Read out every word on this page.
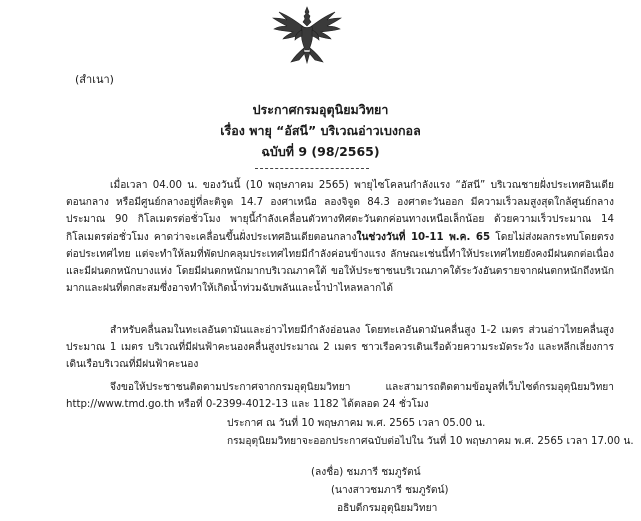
(สำเนา)
ประกาศกรมอุตุนิยมวิทยา
เรื่อง พายุ “อัสนี” บริเวณอ่าวเบงกอล
ฉบับที่ 9 (98/2565)

เมื่อเวลา 04.00 น. ของวันนี้ (10 พฤษภาคม 2565) พายุไซโคลนกำลังแรง “อัสนี” บริเวณชายฝั่งประเทศอินเดียตอนกลาง หรือมีศูนย์กลางอยู่ที่ละติจูด 14.7 องศาเหนือ ลองจิจูด 84.3 องศาตะวันออก มีความเร็วลมสูงสุดใกล้ศูนย์กลางประมาณ 90 กิโลเมตรต่อชั่วโมง พายุนี้กำลังเคลื่อนตัวทางทิศตะวันตกค่อนทางเหนือเล็กน้อย ด้วยความเร็วประมาณ 14 กิโลเมตรต่อชั่วโมง คาดว่าจะเคลื่อนขึ้นฝั่งประเทศอินเดียตอนกลางในช่วงวันที่ 10-11 พ.ค. 65 โดยไม่ส่งผลกระทบโดยตรงต่อประเทศไทย แต่จะทำให้ลมที่พัดปกคลุมประเทศไทยมีกำลังค่อนข้างแรง ลักษณะเช่นนี้ทำให้ประเทศไทยยังคงมีฝนตกต่อเนื่องและมีฝนตกหนักบางแห่ง โดยมีฝนตกหนักมากบริเวณภาคใต้ ขอให้ประชาชนบริเวณภาคใต้ระวังอันตรายจากฝนตกหนักถึงหนักมากและฝนที่ตกสะสมซึ่งอาจทำให้เกิดน้ำท่วมฉับพลันและน้ำป่าไหลหลากได้

สำหรับคลื่นลมในทะเลอันดามันและอ่าวไทยมีกำลังอ่อนลง โดยทะเลอันดามันคลื่นสูง 1-2 เมตร ส่วนอ่าวไทยคลื่นสูงประมาณ 1 เมตร บริเวณที่มีฝนฟ้าคะนองคลื่นสูงประมาณ 2 เมตร ชาวเรือควรเดินเรือด้วยความระมัดระวัง และหลีกเลี่ยงการเดินเรือบริเวณที่มีฝนฟ้าคะนอง

จึงขอให้ประชาชนติดตามประกาศจากกรมอุตุนิยมวิทยา และสามารถติดตามข้อมูลที่เว็บไซต์กรมอุตุนิยมวิทยา http://www.tmd.go.th หรือที่ 0-2399-4012-13 และ 1182 ได้ตลอด 24 ชั่วโมง

ประกาศ ณ วันที่ 10 พฤษภาคม พ.ศ. 2565 เวลา 05.00 น.
กรมอุตุนิยมวิทยาจะออกประกาศฉบับต่อไปใน วันที่ 10 พฤษภาคม พ.ศ. 2565 เวลา 17.00 น.
(ลงชื่อ) ชมภารี ชมภูรัตน์
(นางสาวชมภารี ชมภูรัตน์)
อธิบดีกรมอุตุนิยมวิทยา
